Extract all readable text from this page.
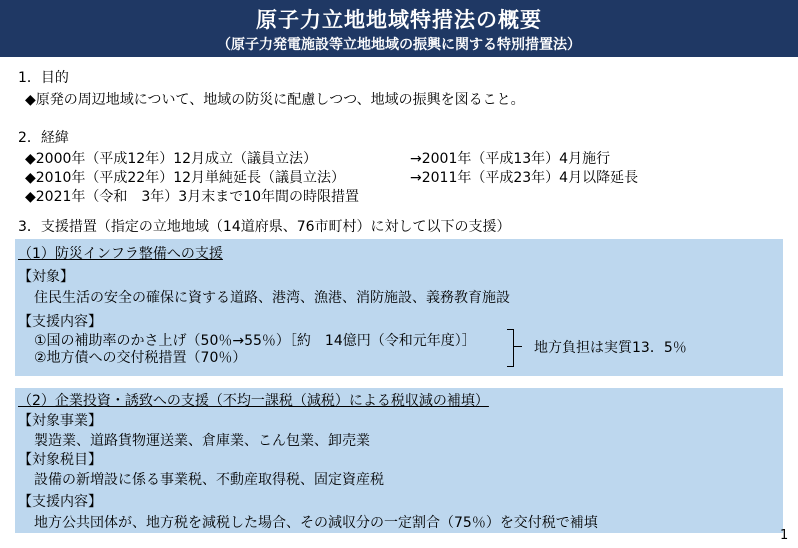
原子力立地地域特措法の概要
（原子力発電施設等立地地域の振興に関する特別措置法）
1．目的
◆原発の周辺地域について、地域の防災に配慮しつつ、地域の振興を図ること。
2．経緯
◆2000年（平成12年）12月成立（議員立法）	→2001年（平成13年）4月施行
◆2010年（平成22年）12月単純延長（議員立法）	→2011年（平成23年）4月以降延長
◆2021年（令和　3年）3月末まで10年間の時限措置
3．支援措置（指定の立地地域（14道府県、76市町村）に対して以下の支援）
（1）防災インフラ整備への支援
【対象】
住民生活の安全の確保に資する道路、港湾、漁港、消防施設、義務教育施設
【支援内容】
①国の補助率のかさ上げ（50％→55％）［約　14億円（令和元年度）］
②地方債への交付税措置（70％）
地方負担は実質13．5％
（2）企業投資・誘致への支援（不均一課税（減税）による税収減の補填）
【対象事業】
製造業、道路貨物運送業、倉庫業、こん包業、卸売業
【対象税目】
設備の新増設に係る事業税、不動産取得税、固定資産税
【支援内容】
地方公共団体が、地方税を減税した場合、その減収分の一定割合（75％）を交付税で補填
1
